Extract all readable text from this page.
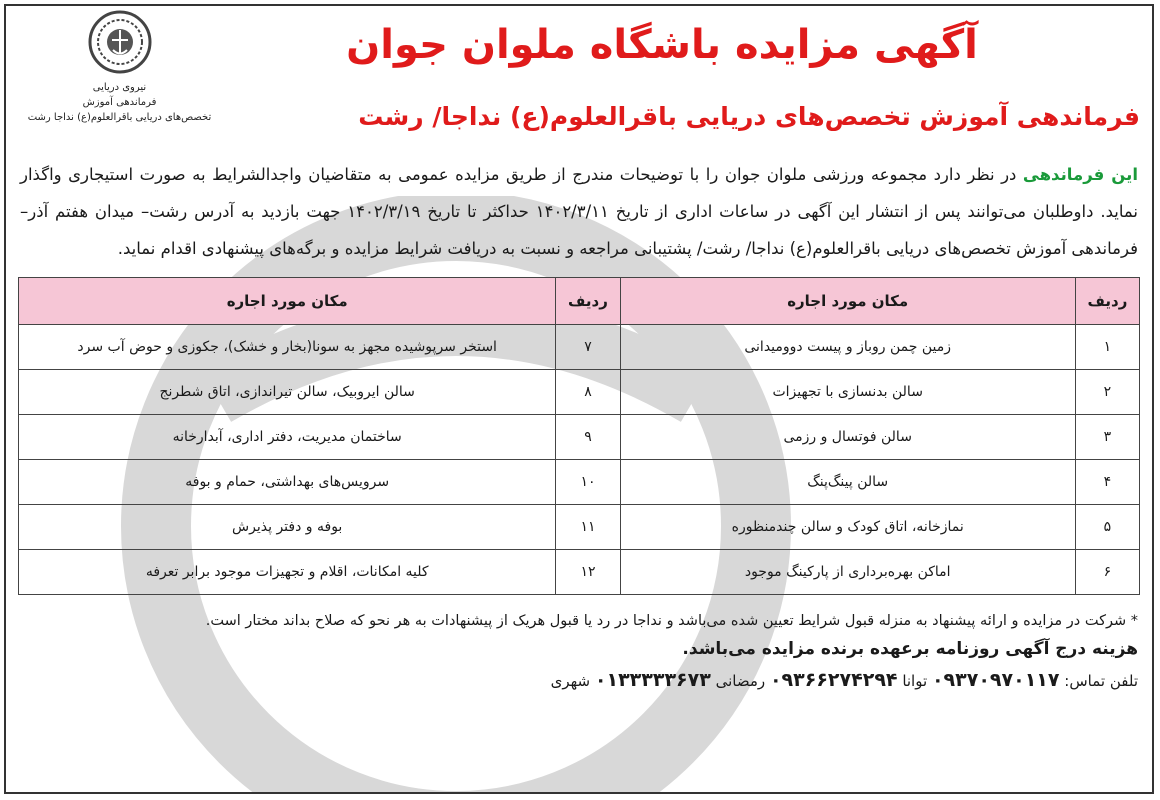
نیروی دریایی
فرماندهی آموزش
تخصص‌های دریایی باقرالعلوم(ع) نداجا رشت
آگهی مزایده باشگاه ملوان جوان
فرماندهی آموزش تخصص‌های دریایی باقرالعلوم(ع) نداجا/ رشت

این فرماندهی در نظر دارد مجموعه ورزشی ملوان جوان را با توضیحات مندرج از طریق مزایده عمومی به متقاضیان واجدالشرایط به صورت استیجاری واگذار نماید. داوطلبان می‌توانند پس از انتشار این آگهی در ساعات اداری از تاریخ ۱۴۰۲/۳/۱۱ حداکثر تا تاریخ ۱۴۰۲/۳/۱۹ جهت بازدید به آدرس رشت– میدان هفتم آذر– فرماندهی آموزش تخصص‌های دریایی باقرالعلوم(ع) نداجا/ رشت/ پشتیبانی مراجعه و نسبت به دریافت شرایط مزایده و برگه‌های پیشنهادی اقدام نماید.

ردیف	مکان مورد اجاره	ردیف	مکان مورد اجاره
۱	زمین چمن روباز و پیست دوومیدانی	۷	استخر سرپوشیده مجهز به سونا(بخار و خشک)، جکوزی و حوض آب سرد
۲	سالن بدنسازی با تجهیزات	۸	سالن ایروبیک، سالن تیراندازی، اتاق شطرنج
۳	سالن فوتسال و رزمی	۹	ساختمان مدیریت، دفتر اداری، آبدارخانه
۴	سالن پینگ‌پنگ	۱۰	سرویس‌های بهداشتی، حمام و بوفه
۵	نمازخانه، اتاق کودک و سالن چندمنظوره	۱۱	بوفه و دفتر پذیرش
۶	اماکن بهره‌برداری از پارکینگ موجود	۱۲	کلیه امکانات، اقلام و تجهیزات موجود برابر تعرفه
* شرکت در مزایده و ارائه پیشنهاد به منزله قبول شرایط تعیین شده می‌باشد و نداجا در رد یا قبول هریک از پیشنهادات به هر نحو که صلاح بداند مختار است.
هزینه درج آگهی روزنامه برعهده برنده مزایده می‌باشد.
تلفن تماس: ۰۹۳۷۰۹۷۰۱۱۷ توانا ۰۹۳۶۶۲۷۴۲۹۴ رمضانی ۰۱۳۳۳۳۳۶۷۳ شهری
